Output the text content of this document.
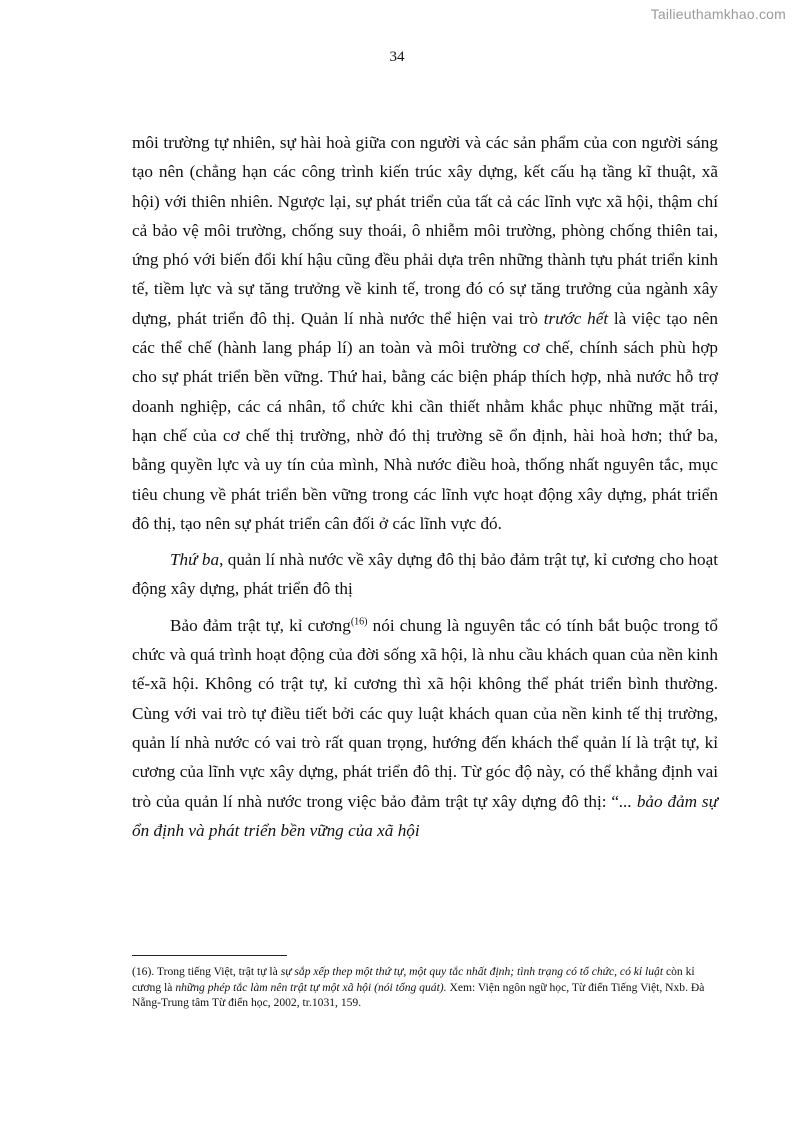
Tailieuthamkhao.com
34

môi trường tự nhiên, sự hài hoà giữa con người và các sản phẩm của con người sáng tạo nên (chẳng hạn các công trình kiến trúc xây dựng, kết cấu hạ tầng kĩ thuật, xã hội) với thiên nhiên. Ngược lại, sự phát triển của tất cả các lĩnh vực xã hội, thậm chí cả bảo vệ môi trường, chống suy thoái, ô nhiễm môi trường, phòng chống thiên tai, ứng phó với biến đổi khí hậu cũng đều phải dựa trên những thành tựu phát triển kinh tế, tiềm lực và sự tăng trưởng về kinh tế, trong đó có sự tăng trưởng của ngành xây dựng, phát triển đô thị. Quản lí nhà nước thể hiện vai trò trước hết là việc tạo nên các thể chế (hành lang pháp lí) an toàn và môi trường cơ chế, chính sách phù hợp cho sự phát triển bền vững. Thứ hai, bằng các biện pháp thích hợp, nhà nước hỗ trợ doanh nghiệp, các cá nhân, tổ chức khi cần thiết nhằm khắc phục những mặt trái, hạn chế của cơ chế thị trường, nhờ đó thị trường sẽ ổn định, hài hoà hơn; thứ ba, bằng quyền lực và uy tín của mình, Nhà nước điều hoà, thống nhất nguyên tắc, mục tiêu chung về phát triển bền vững trong các lĩnh vực hoạt động xây dựng, phát triển đô thị, tạo nên sự phát triển cân đối ở các lĩnh vực đó.

Thứ ba, quản lí nhà nước về xây dựng đô thị bảo đảm trật tự, kỉ cương cho hoạt động xây dựng, phát triển đô thị

Bảo đảm trật tự, kỉ cương$^{(16)}$ nói chung là nguyên tắc có tính bắt buộc trong tổ chức và quá trình hoạt động của đời sống xã hội, là nhu cầu khách quan của nền kinh tế-xã hội. Không có trật tự, kỉ cương thì xã hội không thể phát triển bình thường. Cùng với vai trò tự điều tiết bởi các quy luật khách quan của nền kinh tế thị trường, quản lí nhà nước có vai trò rất quan trọng, hướng đến khách thể quản lí là trật tự, kỉ cương của lĩnh vực xây dựng, phát triển đô thị. Từ góc độ này, có thể khẳng định vai trò của quản lí nhà nước trong việc bảo đảm trật tự xây dựng đô thị: “... bảo đảm sự ổn định và phát triển bền vững của xã hội

(16). Trong tiếng Việt, trật tự là sự sắp xếp thep một thứ tự, một quy tắc nhất định; tình trạng có tổ chức, có kỉ luật còn kỉ cương là những phép tắc làm nên trật tự một xã hội (nói tổng quát). Xem: Viện ngôn ngữ học, Từ điển Tiếng Việt, Nxb. Đà Nẵng-Trung tâm Từ điển học, 2002, tr.1031, 159.
